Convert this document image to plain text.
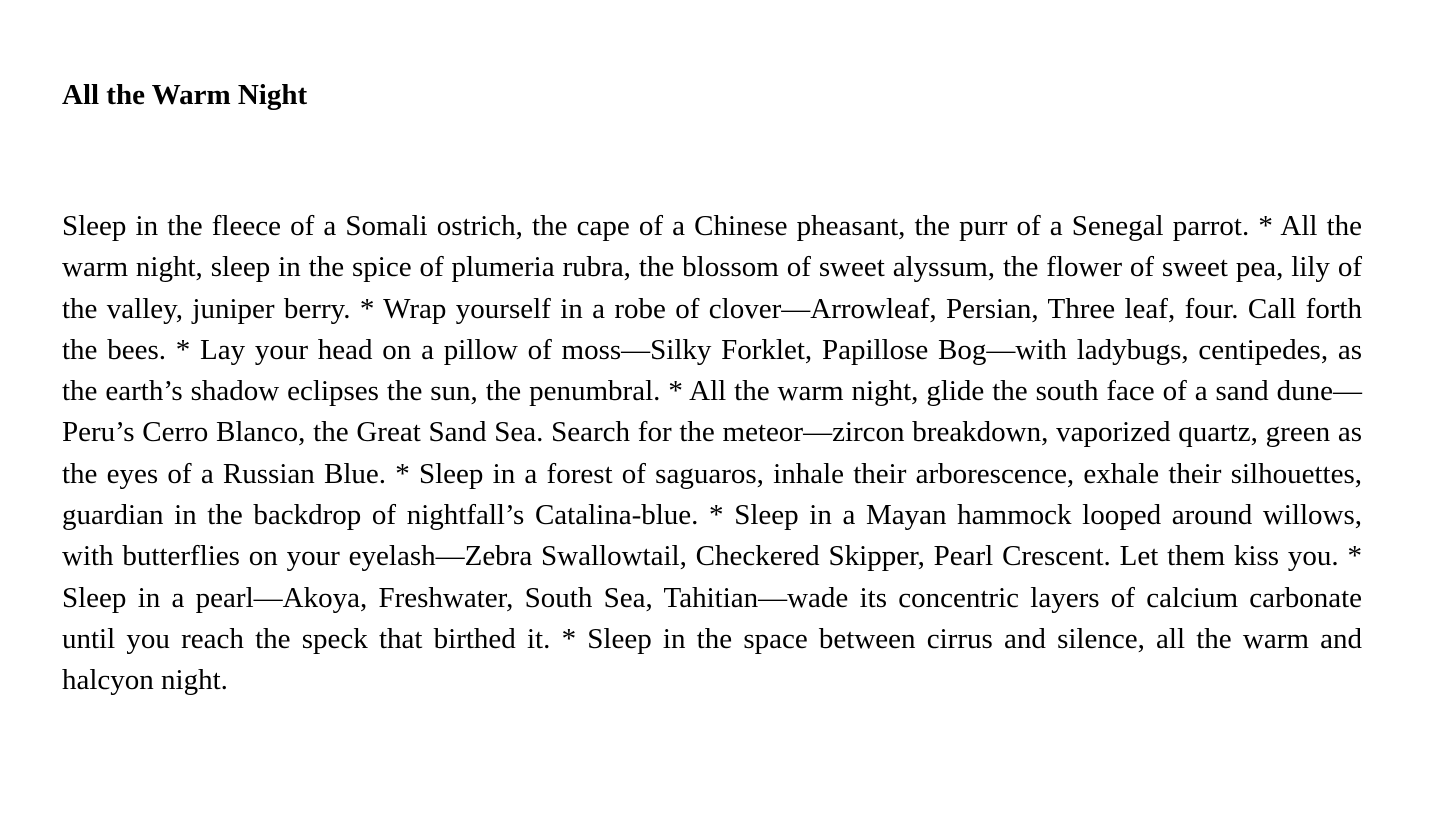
All the Warm Night

Sleep in the fleece of a Somali ostrich, the cape of a Chinese pheasant, the purr of a Senegal parrot. * All the warm night, sleep in the spice of plumeria rubra, the blossom of sweet alyssum, the flower of sweet pea, lily of the valley, juniper berry. * Wrap yourself in a robe of clover—Arrowleaf, Persian, Three leaf, four. Call forth the bees. * Lay your head on a pillow of moss—Silky Forklet, Papillose Bog—with ladybugs, centipedes, as the earth’s shadow eclipses the sun, the penumbral. * All the warm night, glide the south face of a sand dune—Peru’s Cerro Blanco, the Great Sand Sea. Search for the meteor—zircon breakdown, vaporized quartz, green as the eyes of a Russian Blue. * Sleep in a forest of saguaros, inhale their arborescence, exhale their silhouettes, guardian in the backdrop of nightfall’s Catalina-blue. * Sleep in a Mayan hammock looped around willows, with butterflies on your eyelash—Zebra Swallowtail, Checkered Skipper, Pearl Crescent. Let them kiss you. * Sleep in a pearl—Akoya, Freshwater, South Sea, Tahitian—wade its concentric layers of calcium carbonate until you reach the speck that birthed it. * Sleep in the space between cirrus and silence, all the warm and halcyon night.
